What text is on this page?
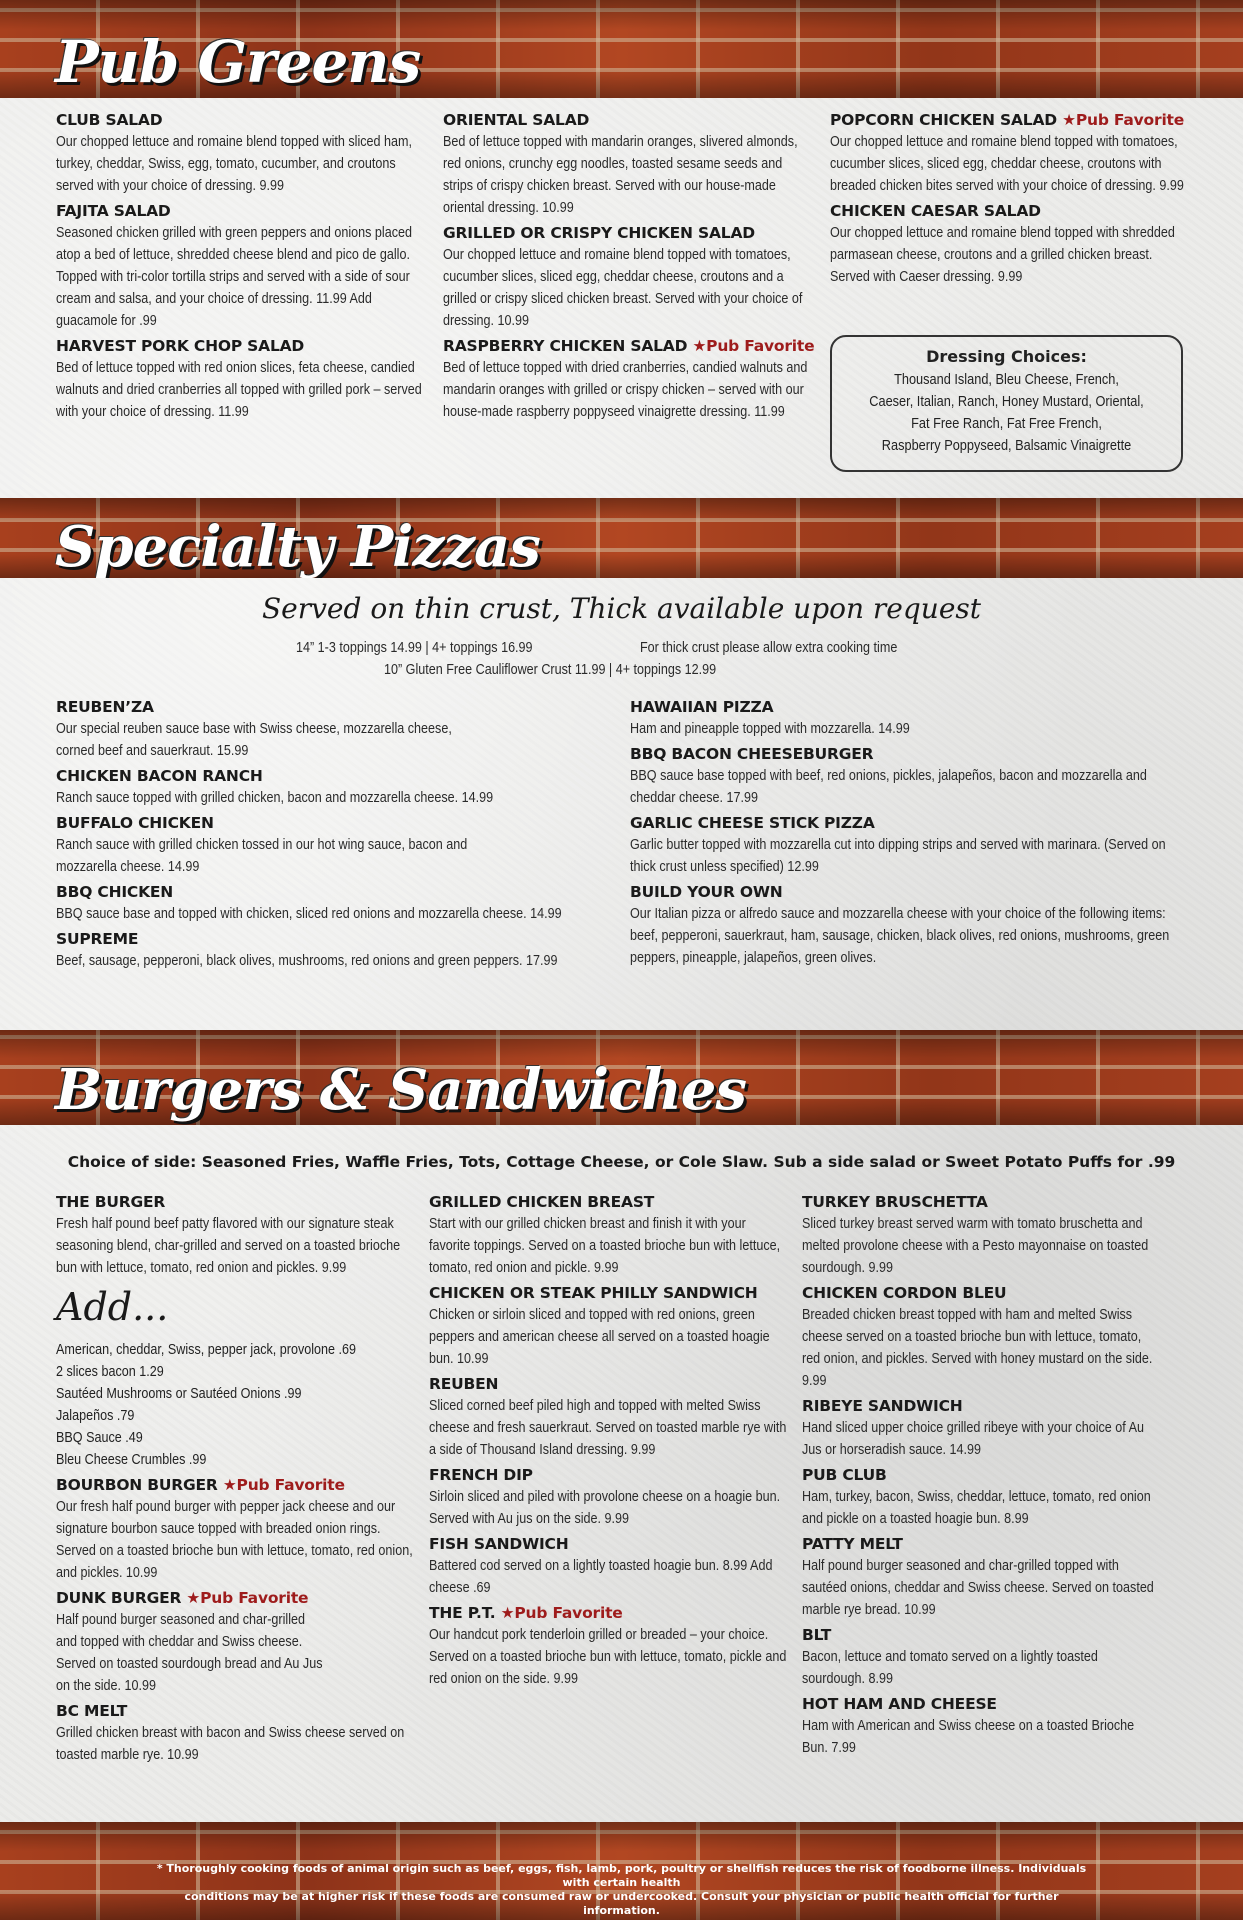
Pub Greens
CLUB SALAD
Our chopped lettuce and romaine blend topped with sliced ham, turkey, cheddar, Swiss, egg, tomato, cucumber, and croutons served with your choice of dressing. 9.99
FAJITA SALAD
Seasoned chicken grilled with green peppers and onions placed atop a bed of lettuce, shredded cheese blend and pico de gallo. Topped with tri-color tortilla strips and served with a side of sour cream and salsa, and your choice of dressing. 11.99 Add guacamole for .99
HARVEST PORK CHOP SALAD
Bed of lettuce topped with red onion slices, feta cheese, candied walnuts and dried cranberries all topped with grilled pork – served with your choice of dressing. 11.99
ORIENTAL SALAD
Bed of lettuce topped with mandarin oranges, slivered almonds, red onions, crunchy egg noodles, toasted sesame seeds and strips of crispy chicken breast. Served with our house-made oriental dressing. 10.99
GRILLED OR CRISPY CHICKEN SALAD
Our chopped lettuce and romaine blend topped with tomatoes, cucumber slices, sliced egg, cheddar cheese, croutons and a grilled or crispy sliced chicken breast. Served with your choice of dressing. 10.99
RASPBERRY CHICKEN SALAD ★Pub Favorite
Bed of lettuce topped with dried cranberries, candied walnuts and mandarin oranges with grilled or crispy chicken – served with our house-made raspberry poppyseed vinaigrette dressing. 11.99
POPCORN CHICKEN SALAD ★Pub Favorite
Our chopped lettuce and romaine blend topped with tomatoes, cucumber slices, sliced egg, cheddar cheese, croutons with breaded chicken bites served with your choice of dressing. 9.99
CHICKEN CAESAR SALAD
Our chopped lettuce and romaine blend topped with shredded parmasean cheese, croutons and a grilled chicken breast. Served with Caeser dressing. 9.99
Dressing Choices:
Thousand Island, Bleu Cheese, French,
Caeser, Italian, Ranch, Honey Mustard, Oriental,
Fat Free Ranch, Fat Free French,
Raspberry Poppyseed, Balsamic Vinaigrette
Specialty Pizzas
Served on thin crust, Thick available upon request
14” 1-3 toppings 14.99 | 4+ toppings 16.99	For thick crust please allow extra cooking time
10” Gluten Free Cauliflower Crust 11.99 | 4+ toppings 12.99
REUBEN’ZA
Our special reuben sauce base with Swiss cheese, mozzarella cheese, corned beef and sauerkraut. 15.99
CHICKEN BACON RANCH
Ranch sauce topped with grilled chicken, bacon and mozzarella cheese. 14.99
BUFFALO CHICKEN
Ranch sauce with grilled chicken tossed in our hot wing sauce, bacon and mozzarella cheese. 14.99
BBQ CHICKEN
BBQ sauce base and topped with chicken, sliced red onions and mozzarella cheese. 14.99
SUPREME
Beef, sausage, pepperoni, black olives, mushrooms, red onions and green peppers. 17.99
HAWAIIAN PIZZA
Ham and pineapple topped with mozzarella. 14.99
BBQ BACON CHEESEBURGER
BBQ sauce base topped with beef, red onions, pickles, jalapeños, bacon and mozzarella and cheddar cheese. 17.99
GARLIC CHEESE STICK PIZZA
Garlic butter topped with mozzarella cut into dipping strips and served with marinara. (Served on thick crust unless specified) 12.99
BUILD YOUR OWN
Our Italian pizza or alfredo sauce and mozzarella cheese with your choice of the following items: beef, pepperoni, sauerkraut, ham, sausage, chicken, black olives, red onions, mushrooms, green peppers, pineapple, jalapeños, green olives.
Burgers & Sandwiches
Choice of side: Seasoned Fries, Waffle Fries, Tots, Cottage Cheese, or Cole Slaw. Sub a side salad or Sweet Potato Puffs for .99
THE BURGER
Fresh half pound beef patty flavored with our signature steak seasoning blend, char-grilled and served on a toasted brioche bun with lettuce, tomato, red onion and pickles. 9.99
Add...
American, cheddar, Swiss, pepper jack, provolone .69
2 slices bacon 1.29
Sautéed Mushrooms or Sautéed Onions .99
Jalapeños .79
BBQ Sauce .49
Bleu Cheese Crumbles .99
BOURBON BURGER ★Pub Favorite
Our fresh half pound burger with pepper jack cheese and our signature bourbon sauce topped with breaded onion rings. Served on a toasted brioche bun with lettuce, tomato, red onion, and pickles. 10.99
DUNK BURGER ★Pub Favorite
Half pound burger seasoned and char-grilled and topped with cheddar and Swiss cheese. Served on toasted sourdough bread and Au Jus on the side. 10.99
BC MELT
Grilled chicken breast with bacon and Swiss cheese served on toasted marble rye. 10.99
GRILLED CHICKEN BREAST
Start with our grilled chicken breast and finish it with your favorite toppings. Served on a toasted brioche bun with lettuce, tomato, red onion and pickle. 9.99
CHICKEN OR STEAK PHILLY SANDWICH
Chicken or sirloin sliced and topped with red onions, green peppers and american cheese all served on a toasted hoagie bun. 10.99
REUBEN
Sliced corned beef piled high and topped with melted Swiss cheese and fresh sauerkraut. Served on toasted marble rye with a side of Thousand Island dressing. 9.99
FRENCH DIP
Sirloin sliced and piled with provolone cheese on a hoagie bun. Served with Au jus on the side. 9.99
FISH SANDWICH
Battered cod served on a lightly toasted hoagie bun. 8.99 Add cheese .69
THE P.T. ★Pub Favorite
Our handcut pork tenderloin grilled or breaded – your choice. Served on a toasted brioche bun with lettuce, tomato, pickle and red onion on the side. 9.99
TURKEY BRUSCHETTA
Sliced turkey breast served warm with tomato bruschetta and melted provolone cheese with a Pesto mayonnaise on toasted sourdough. 9.99
CHICKEN CORDON BLEU
Breaded chicken breast topped with ham and melted Swiss cheese served on a toasted brioche bun with lettuce, tomato, red onion, and pickles. Served with honey mustard on the side. 9.99
RIBEYE SANDWICH
Hand sliced upper choice grilled ribeye with your choice of Au Jus or horseradish sauce. 14.99
PUB CLUB
Ham, turkey, bacon, Swiss, cheddar, lettuce, tomato, red onion and pickle on a toasted hoagie bun. 8.99
PATTY MELT
Half pound burger seasoned and char-grilled topped with sautéed onions, cheddar and Swiss cheese. Served on toasted marble rye bread. 10.99
BLT
Bacon, lettuce and tomato served on a lightly toasted sourdough. 8.99
HOT HAM AND CHEESE
Ham with American and Swiss cheese on a toasted Brioche Bun. 7.99
* Thoroughly cooking foods of animal origin such as beef, eggs, fish, lamb, pork, poultry or shellfish reduces the risk of foodborne illness. Individuals with certain health
conditions may be at higher risk if these foods are consumed raw or undercooked. Consult your physician or public health official for further information.
